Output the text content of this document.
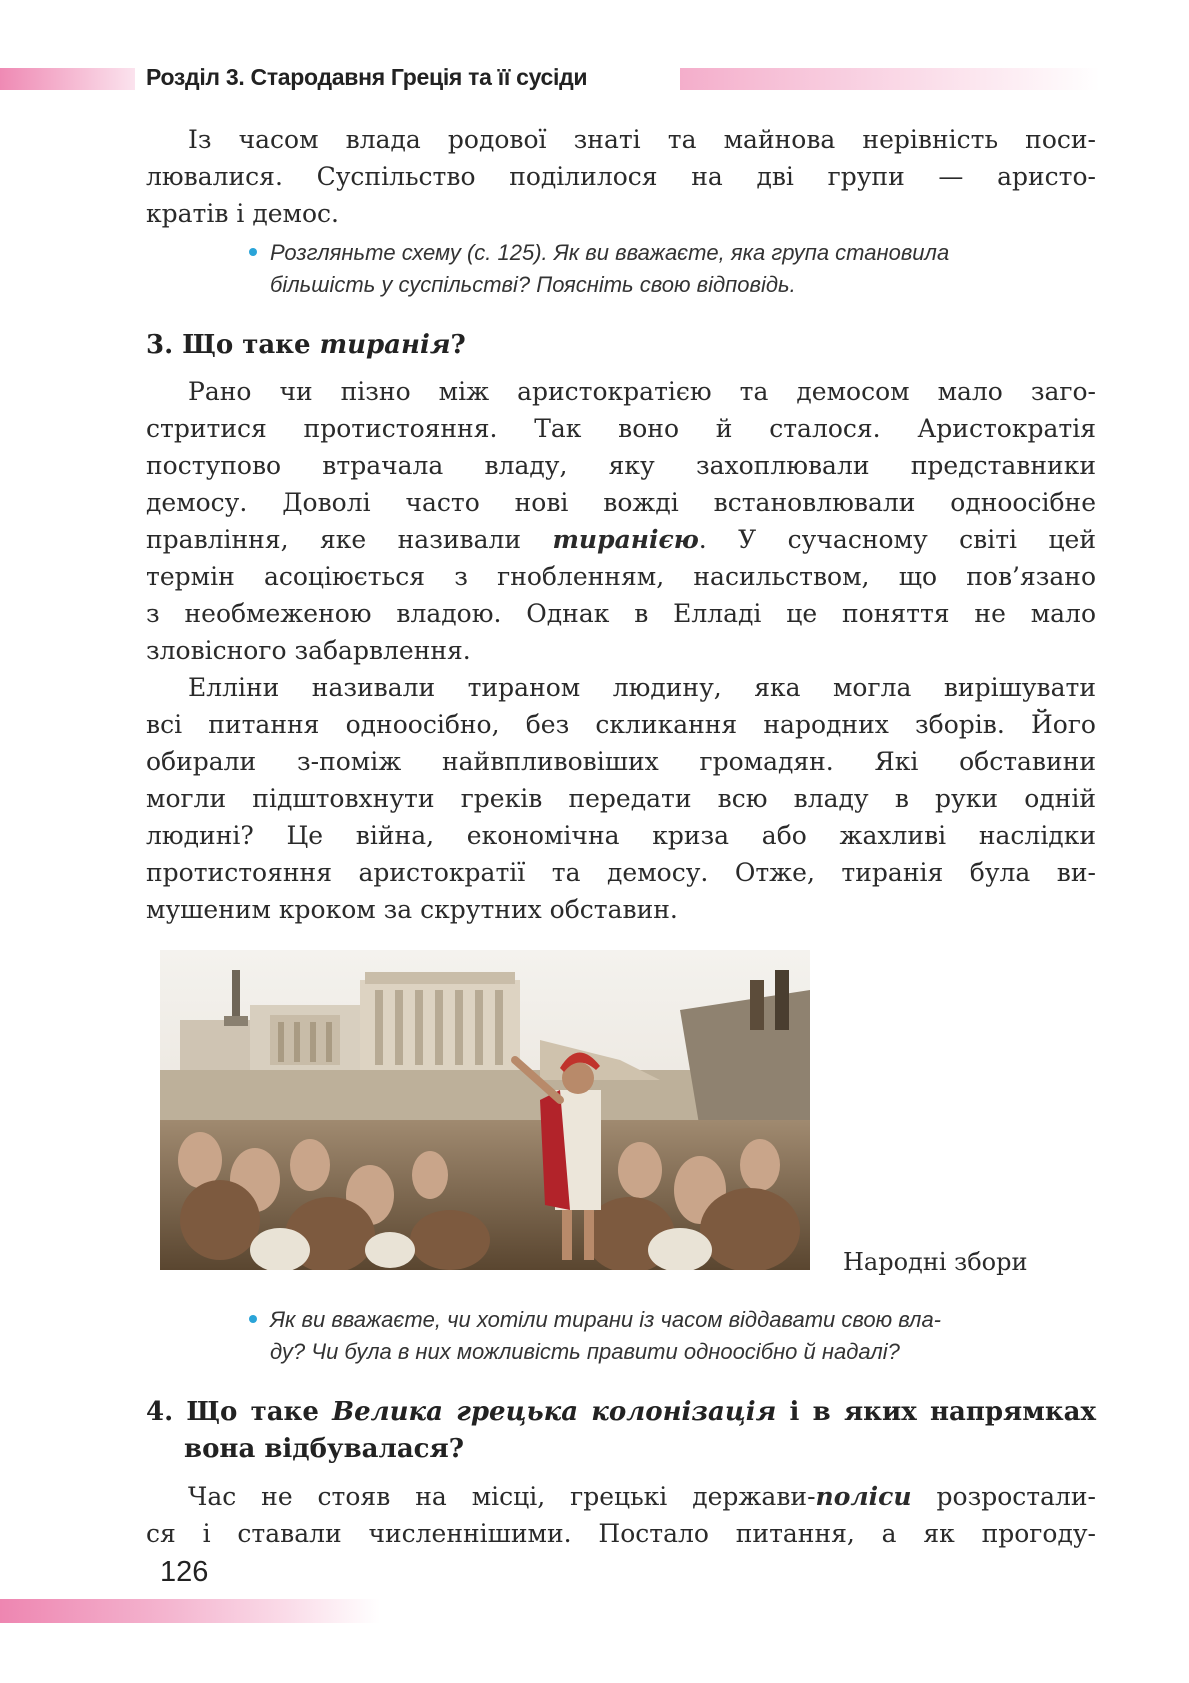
Розділ 3. Стародавня Греція та її сусіди
Із часом влада родової знаті та майнова нерівність поси-
лювалися. Суспільство поділилося на дві групи — аристо-
кратів і демос.
Розгляньте схему (с. 125). Як ви вважаєте, яка група становила
більшість у суспільстві? Поясніть свою відповідь.
3. Що таке тиранія?
Рано чи пізно між аристократією та демосом мало заго-
стритися протистояння. Так воно й сталося. Аристократія
поступово втрачала владу, яку захоплювали представники
демосу. Доволі часто нові вожді встановлювали одноосібне
правління, яке називали тиранією. У сучасному світі цей
термін асоціюється з гнобленням, насильством, що пов’язано
з необмеженою владою. Однак в Елладі це поняття не мало
зловісного забарвлення.
Елліни називали тираном людину, яка могла вирішувати
всі питання одноосібно, без скликання народних зборів. Його
обирали з-поміж найвпливовіших громадян. Які обставини
могли підштовхнути греків передати всю владу в руки одній
людині? Це війна, економічна криза або жахливі наслідки
протистояння аристократії та демосу. Отже, тиранія була ви-
мушеним кроком за скрутних обставин.
Народні збори
Як ви вважаєте, чи хотіли тирани із часом віддавати свою вла-
ду? Чи була в них можливість правити одноосібно й надалі?
4. Що таке Велика грецька колонізація і в яких напрямках
вона відбувалася?
Час не стояв на місці, грецькі держави-поліси розростали-
ся і ставали численнішими. Постало питання, а як прогоду-
126
